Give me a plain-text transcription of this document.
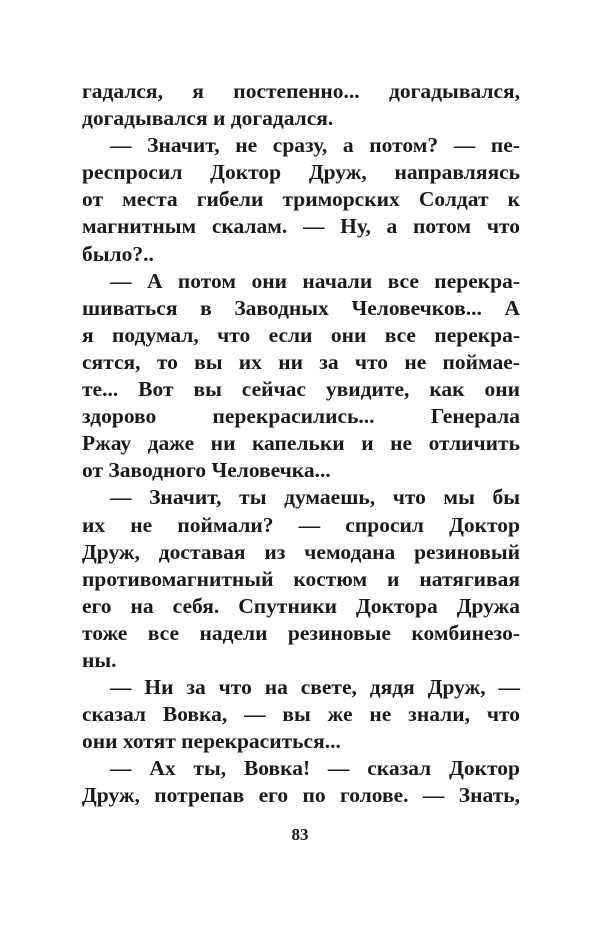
гадался, я постепенно... догадывался,
догадывался и догадался.
— Значит, не сразу, а потом? — пе-
респросил Доктор Друж, направляясь
от места гибели триморских Солдат к
магнитным скалам. — Ну, а потом что
было?..
— А потом они начали все перекра-
шиваться в Заводных Человечков... А
я подумал, что если они все перекра-
сятся, то вы их ни за что не поймае-
те... Вот вы сейчас увидите, как они
здорово перекрасились... Генерала
Ржау даже ни капельки и не отличить
от Заводного Человечка...
— Значит, ты думаешь, что мы бы
их не поймали? — спросил Доктор
Друж, доставая из чемодана резиновый
противомагнитный костюм и натягивая
его на себя. Спутники Доктора Дружа
тоже все надели резиновые комбинезо-
ны.
— Ни за что на свете, дядя Друж, —
сказал Вовка, — вы же не знали, что
они хотят перекраситься...
— Ах ты, Вовка! — сказал Доктор
Друж, потрепав его по голове. — Знать,
83
